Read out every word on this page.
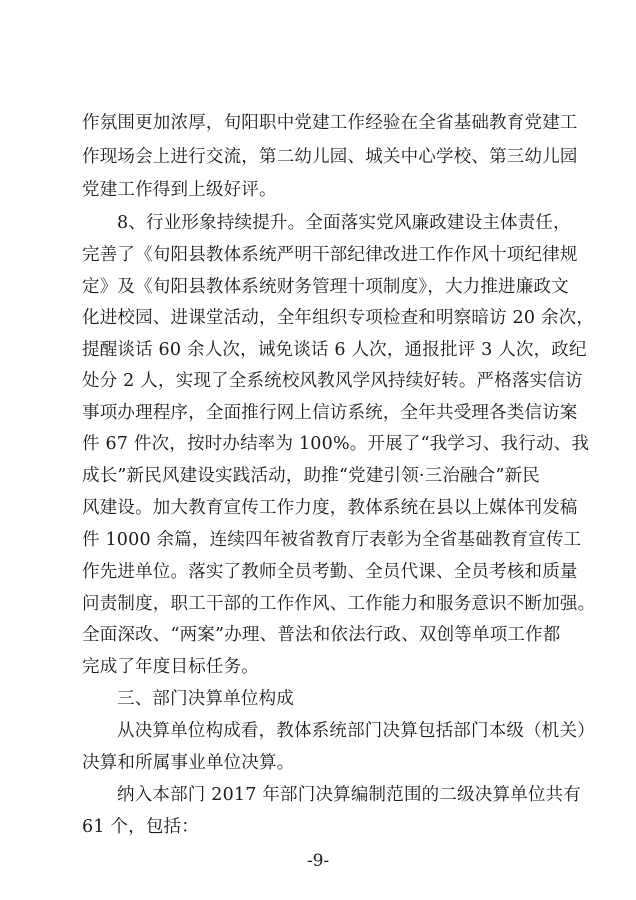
作氛围更加浓厚，旬阳职中党建工作经验在全省基础教育党建工
作现场会上进行交流，第二幼儿园、城关中心学校、第三幼儿园
党建工作得到上级好评。
8、行业形象持续提升。全面落实党风廉政建设主体责任，
完善了《旬阳县教体系统严明干部纪律改进工作作风十项纪律规
定》及《旬阳县教体系统财务管理十项制度》，大力推进廉政文
化进校园、进课堂活动，全年组织专项检查和明察暗访 20 余次，
提醒谈话 60 余人次，诫免谈话 6 人次，通报批评 3 人次，政纪
处分 2 人，实现了全系统校风教风学风持续好转。严格落实信访
事项办理程序，全面推行网上信访系统，全年共受理各类信访案
件 67 件次，按时办结率为 100%。开展了“我学习、我行动、我
成长”新民风建设实践活动，助推“党建引领·三治融合”新民
风建设。加大教育宣传工作力度，教体系统在县以上媒体刊发稿
件 1000 余篇，连续四年被省教育厅表彰为全省基础教育宣传工
作先进单位。落实了教师全员考勤、全员代课、全员考核和质量
问责制度，职工干部的工作作风、工作能力和服务意识不断加强。
全面深改、“两案”办理、普法和依法行政、双创等单项工作都
完成了年度目标任务。
三、部门决算单位构成
从决算单位构成看，教体系统部门决算包括部门本级（机关）
决算和所属事业单位决算。
纳入本部门 2017 年部门决算编制范围的二级决算单位共有
61 个，包括：
-9-
